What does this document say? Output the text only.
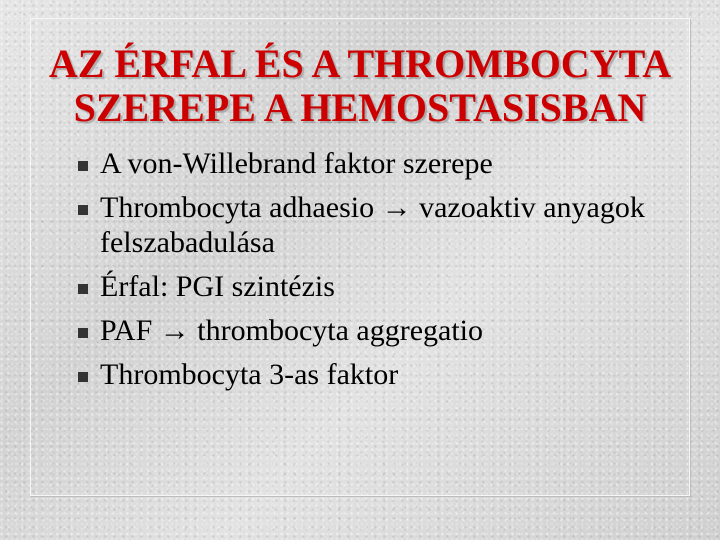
AZ ÉRFAL ÉS A THROMBOCYTA
SZEREPE A HEMOSTASISBAN
A von-Willebrand faktor szerepe
Thrombocyta adhaesio → vazoaktiv anyagok felszabadulása
Érfal: PGI szintézis
PAF → thrombocyta aggregatio
Thrombocyta 3-as faktor
